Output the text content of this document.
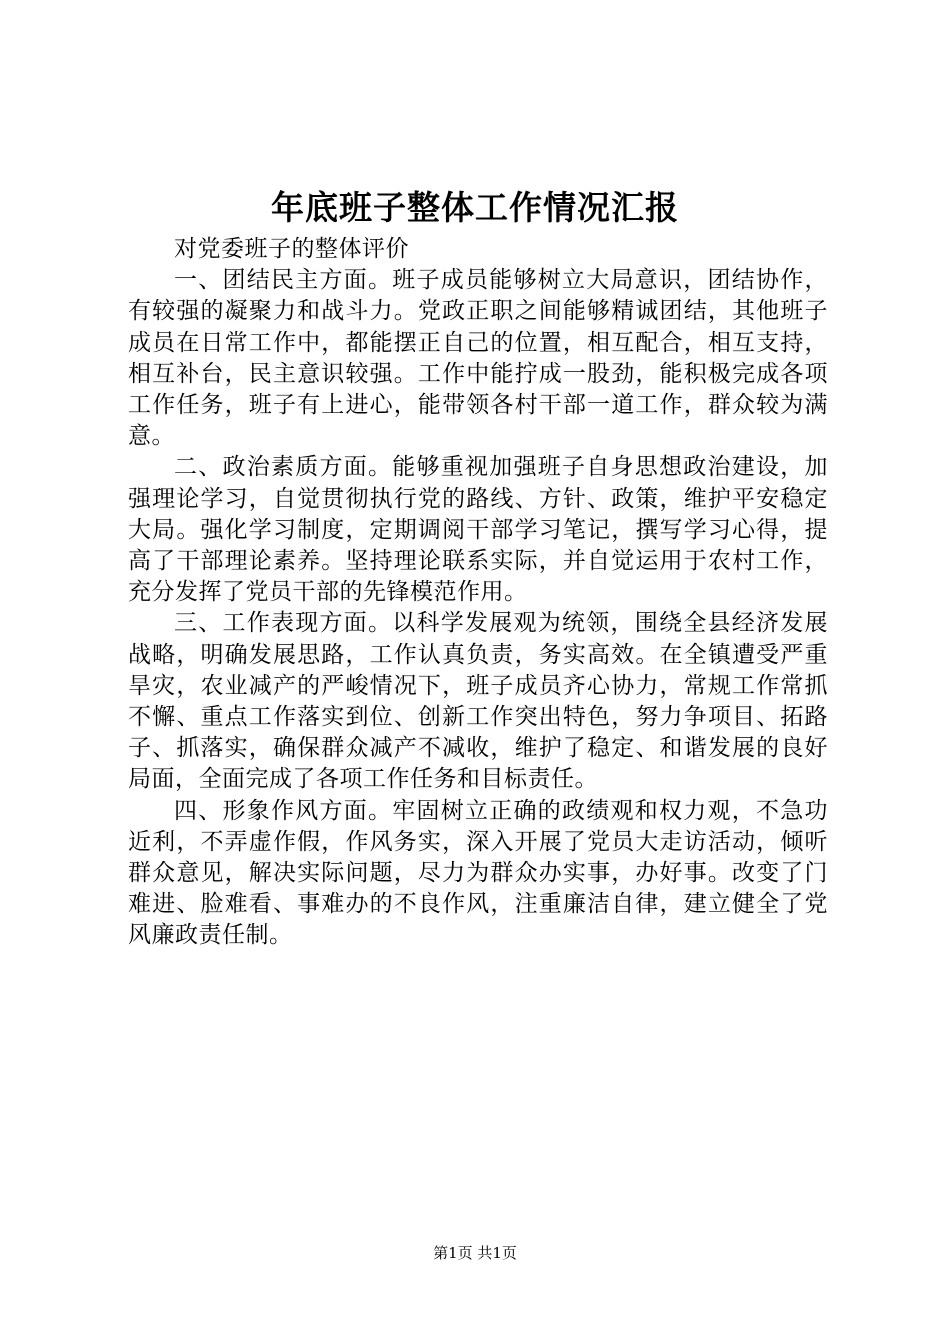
年底班子整体工作情况汇报

对党委班子的整体评价

一、团结民主方面。班子成员能够树立大局意识，团结协作，有较强的凝聚力和战斗力。党政正职之间能够精诚团结，其他班子成员在日常工作中，都能摆正自己的位置，相互配合，相互支持，相互补台，民主意识较强。工作中能拧成一股劲，能积极完成各项工作任务，班子有上进心，能带领各村干部一道工作，群众较为满意。

二、政治素质方面。能够重视加强班子自身思想政治建设，加强理论学习，自觉贯彻执行党的路线、方针、政策，维护平安稳定大局。强化学习制度，定期调阅干部学习笔记，撰写学习心得，提高了干部理论素养。坚持理论联系实际，并自觉运用于农村工作，充分发挥了党员干部的先锋模范作用。

三、工作表现方面。以科学发展观为统领，围绕全县经济发展战略，明确发展思路，工作认真负责，务实高效。在全镇遭受严重旱灾，农业减产的严峻情况下，班子成员齐心协力，常规工作常抓不懈、重点工作落实到位、创新工作突出特色，努力争项目、拓路子、抓落实，确保群众减产不减收，维护了稳定、和谐发展的良好局面，全面完成了各项工作任务和目标责任。

四、形象作风方面。牢固树立正确的政绩观和权力观，不急功近利，不弄虚作假，作风务实，深入开展了党员大走访活动，倾听群众意见，解决实际问题，尽力为群众办实事，办好事。改变了门难进、脸难看、事难办的不良作风，注重廉洁自律，建立健全了党风廉政责任制。

第1页 共1页
